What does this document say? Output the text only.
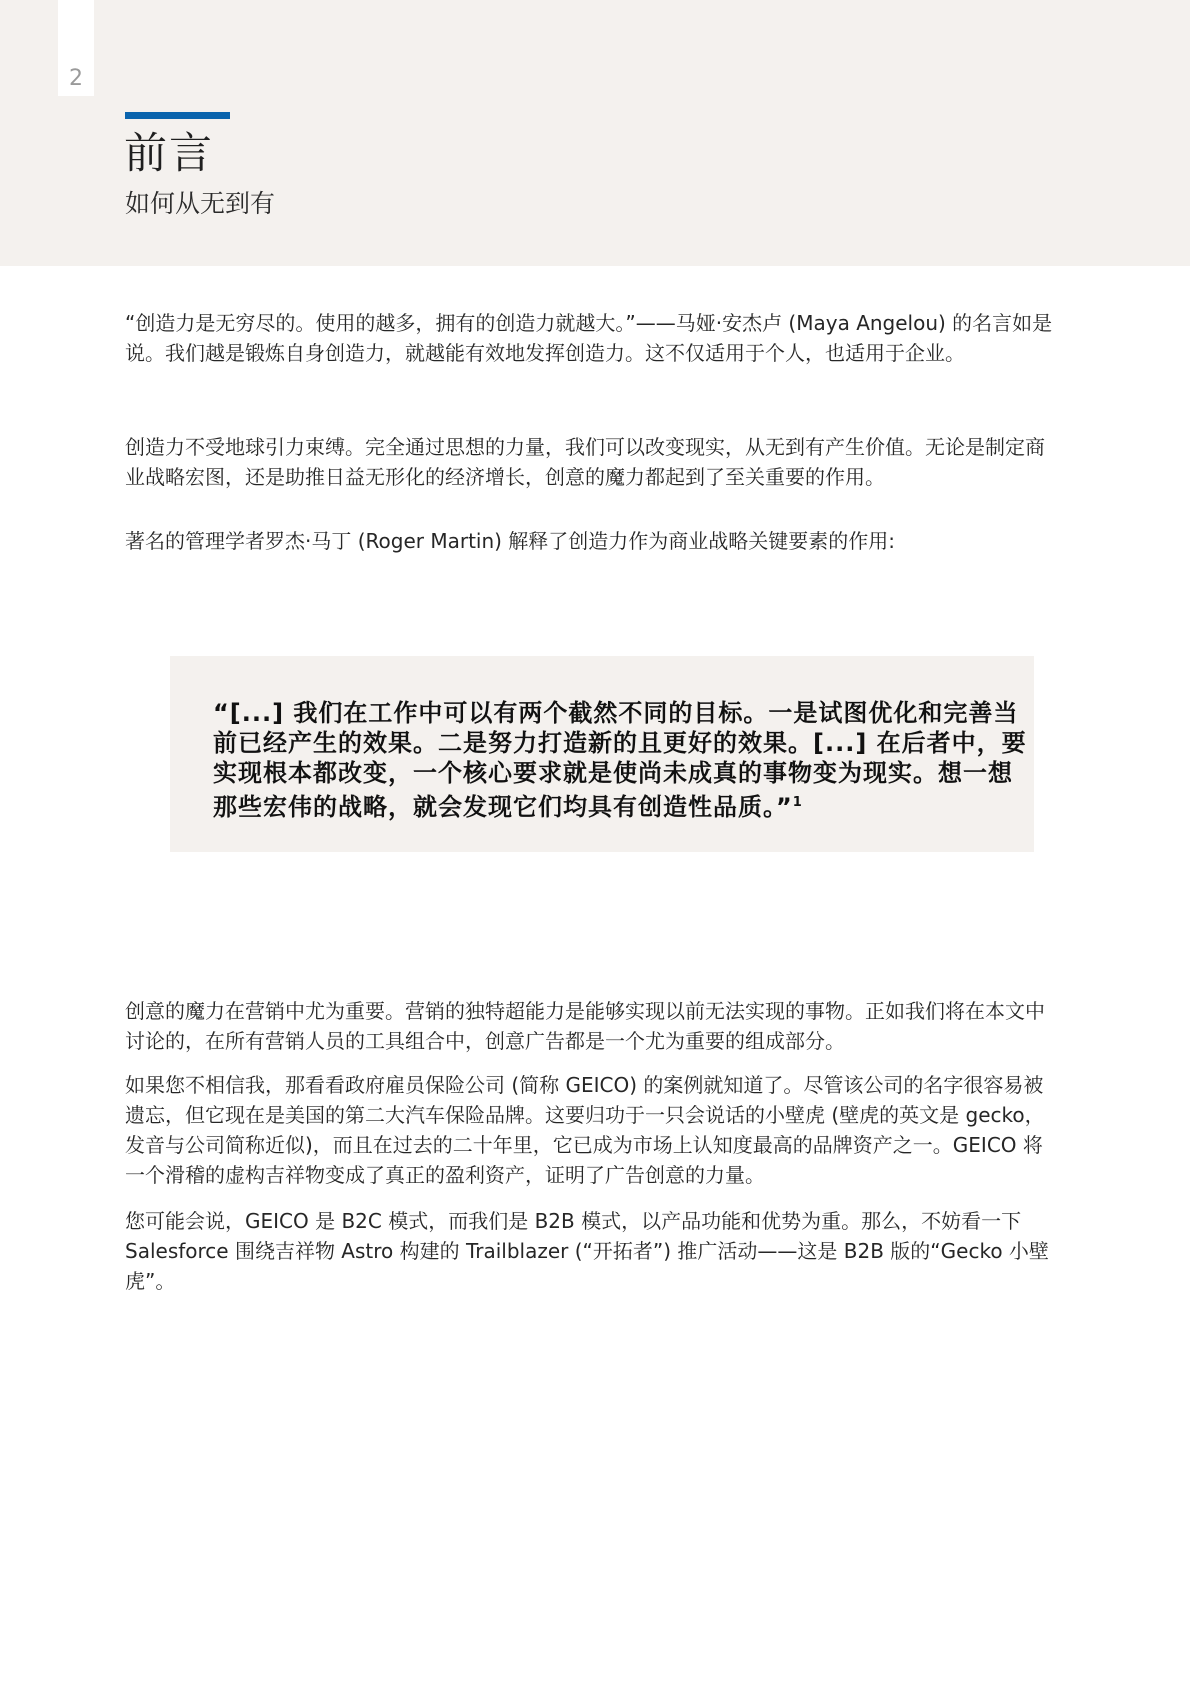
2
前言
如何从无到有

“创造力是无穷尽的。使用的越多，拥有的创造力就越大。”——马娅·安杰卢 (Maya Angelou) 的名言如是说。我们越是锻炼自身创造力，就越能有效地发挥创造力。这不仅适用于个人，也适用于企业。

创造力不受地球引力束缚。完全通过思想的力量，我们可以改变现实，从无到有产生价值。无论是制定商业战略宏图，还是助推日益无形化的经济增长，创意的魔力都起到了至关重要的作用。

著名的管理学者罗杰·马丁 (Roger Martin) 解释了创造力作为商业战略关键要素的作用:

“[...] 我们在工作中可以有两个截然不同的目标。一是试图优化和完善当前已经产生的效果。二是努力打造新的且更好的效果。[...] 在后者中，要实现根本都改变，一个核心要求就是使尚未成真的事物变为现实。想一想那些宏伟的战略，就会发现它们均具有创造性品质。”$^1$

创意的魔力在营销中尤为重要。营销的独特超能力是能够实现以前无法实现的事物。正如我们将在本文中讨论的，在所有营销人员的工具组合中，创意广告都是一个尤为重要的组成部分。

如果您不相信我，那看看政府雇员保险公司 (简称 GEICO) 的案例就知道了。尽管该公司的名字很容易被遗忘，但它现在是美国的第二大汽车保险品牌。这要归功于一只会说话的小壁虎 (壁虎的英文是 gecko，发音与公司简称近似)，而且在过去的二十年里，它已成为市场上认知度最高的品牌资产之一。GEICO 将一个滑稽的虚构吉祥物变成了真正的盈利资产，证明了广告创意的力量。

您可能会说，GEICO 是 B2C 模式，而我们是 B2B 模式，以产品功能和优势为重。那么，不妨看一下 Salesforce 围绕吉祥物 Astro 构建的 Trailblazer (“开拓者”) 推广活动——这是 B2B 版的“Gecko 小壁虎”。
